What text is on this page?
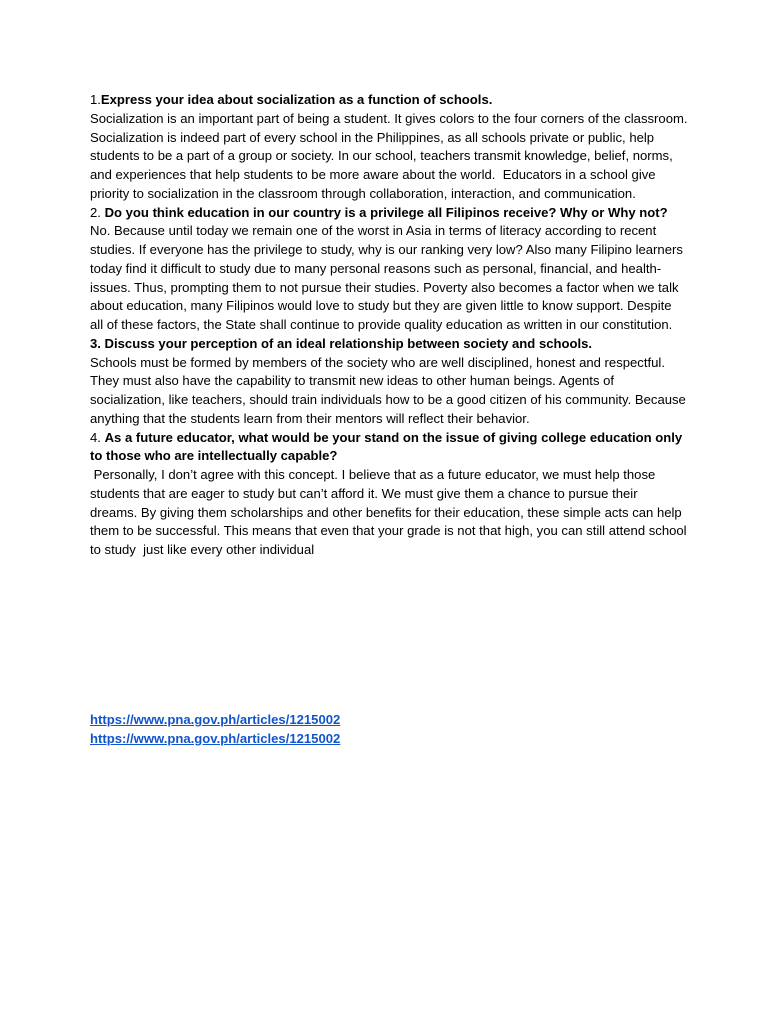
1.Express your idea about socialization as a function of schools.

Socialization is an important part of being a student. It gives colors to the four corners of the classroom.  Socialization is indeed part of every school in the Philippines, as all schools private or public, help students to be a part of a group or society. In our school, teachers transmit knowledge, belief, norms, and experiences that help students to be more aware about the world.  Educators in a school give priority to socialization in the classroom through collaboration, interaction, and communication.

2. Do you think education in our country is a privilege all Filipinos receive? Why or Why not?

No. Because until today we remain one of the worst in Asia in terms of literacy according to recent studies. If everyone has the privilege to study, why is our ranking very low? Also many Filipino learners  today find it difficult to study due to many personal reasons such as personal, financial, and health- issues. Thus, prompting them to not pursue their studies. Poverty also becomes a factor when we talk about education, many Filipinos would love to study but they are given little to know support. Despite all of these factors, the State shall continue to provide quality education as written in our constitution.

3. Discuss your perception of an ideal relationship between society and schools.

Schools must be formed by members of the society who are well disciplined, honest and respectful. They must also have the capability to transmit new ideas to other human beings. Agents of socialization, like teachers, should train individuals how to be a good citizen of his community. Because anything that the students learn from their mentors will reflect their behavior.

4. As a future educator, what would be your stand on the issue of giving college education only to those who are intellectually capable?

Personally, I don’t agree with this concept. I believe that as a future educator, we must help those students that are eager to study but can’t afford it. We must give them a chance to pursue their dreams. By giving them scholarships and other benefits for their education, these simple acts can help them to be successful. This means that even that your grade is not that high, you can still attend school to study  just like every other individual

https://www.pna.gov.ph/articles/1215002
https://www.pna.gov.ph/articles/1215002
